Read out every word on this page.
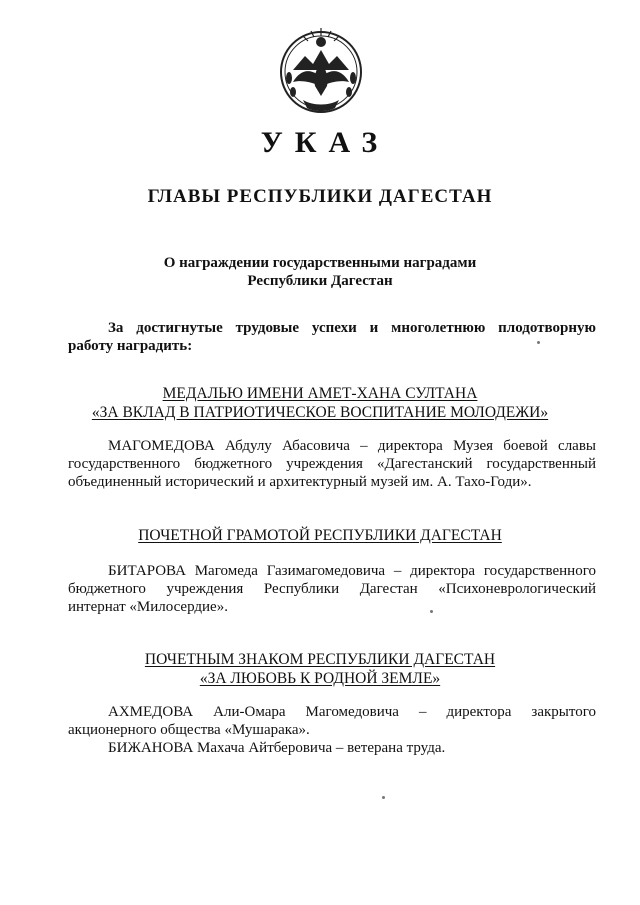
УКАЗ
ГЛАВЫ РЕСПУБЛИКИ ДАГЕСТАН
О награждении государственными наградами
Республики Дагестан
За достигнутые трудовые успехи и многолетнюю плодотворную
работу наградить:
МЕДАЛЬЮ ИМЕНИ АМЕТ-ХАНА СУЛТАНА
«ЗА ВКЛАД В ПАТРИОТИЧЕСКОЕ ВОСПИТАНИЕ МОЛОДЕЖИ»
МАГОМЕДОВА Абдулу Абасовича – директора Музея боевой славы
государственного бюджетного учреждения «Дагестанский государственный
объединенный исторический и архитектурный музей им. А. Тахо-Годи».
ПОЧЕТНОЙ ГРАМОТОЙ РЕСПУБЛИКИ ДАГЕСТАН
БИТАРОВА Магомеда Газимагомедовича – директора государственного
бюджетного учреждения Республики Дагестан «Психоневрологический
интернат «Милосердие».
ПОЧЕТНЫМ ЗНАКОМ РЕСПУБЛИКИ ДАГЕСТАН
«ЗА ЛЮБОВЬ К РОДНОЙ ЗЕМЛЕ»
АХМЕДОВА Али-Омара Магомедовича – директора закрытого
акционерного общества «Мушарака».
БИЖАНОВА Махача Айтберовича – ветерана труда.
